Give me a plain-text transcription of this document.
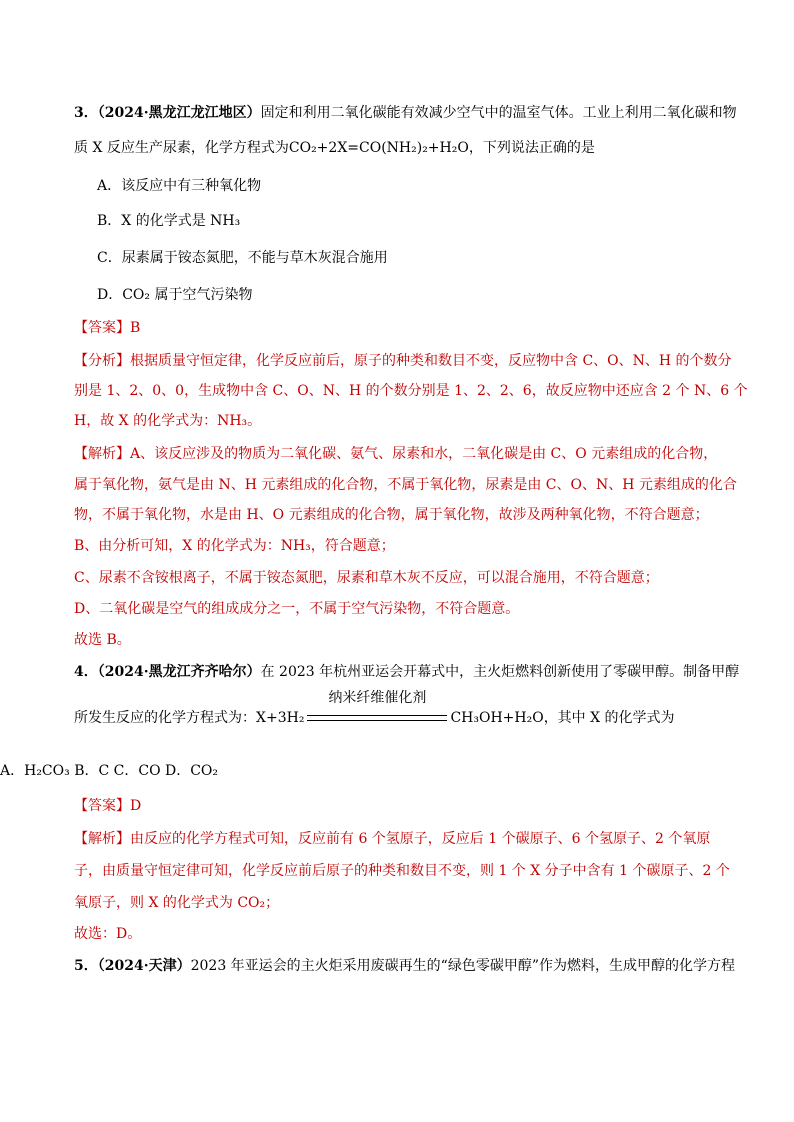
3．（2024·黑龙江龙江地区）固定和利用二氧化碳能有效减少空气中的温室气体。工业上利用二氧化碳和物
质 X 反应生产尿素，化学方程式为CO₂+2X=CO(NH₂)₂+H₂O，下列说法正确的是
A．该反应中有三种氧化物
B．X 的化学式是 NH₃
C．尿素属于铵态氮肥，不能与草木灰混合施用
D．CO₂ 属于空气污染物
【答案】B
【分析】根据质量守恒定律，化学反应前后，原子的种类和数目不变，反应物中含 C、O、N、H 的个数分
别是 1、2、0、0，生成物中含 C、O、N、H 的个数分别是 1、2、2、6，故反应物中还应含 2 个 N、6 个
H，故 X 的化学式为：NH₃。
【解析】A、该反应涉及的物质为二氧化碳、氨气、尿素和水，二氧化碳是由 C、O 元素组成的化合物，
属于氧化物，氨气是由 N、H 元素组成的化合物，不属于氧化物，尿素是由 C、O、N、H 元素组成的化合
物，不属于氧化物，水是由 H、O 元素组成的化合物，属于氧化物，故涉及两种氧化物，不符合题意；
B、由分析可知，X 的化学式为：NH₃，符合题意；
C、尿素不含铵根离子，不属于铵态氮肥，尿素和草木灰不反应，可以混合施用，不符合题意；
D、二氧化碳是空气的组成成分之一，不属于空气污染物，不符合题意。
故选 B。
4．（2024·黑龙江齐齐哈尔）在 2023 年杭州亚运会开幕式中，主火炬燃料创新使用了零碳甲醇。制备甲醇
所发生反应的化学方程式为：X+3H₂
纳米纤维催化剂
CH₃OH+H₂O，其中 X 的化学式为
A．H₂CO₃ B．C C．CO D．CO₂
【答案】D
【解析】由反应的化学方程式可知，反应前有 6 个氢原子，反应后 1 个碳原子、6 个氢原子、2 个氧原
子，由质量守恒定律可知，化学反应前后原子的种类和数目不变，则 1 个 X 分子中含有 1 个碳原子、2 个
氧原子，则 X 的化学式为 CO₂；
故选：D。
5．（2024·天津）2023 年亚运会的主火炬采用废碳再生的“绿色零碳甲醇”作为燃料，生成甲醇的化学方程
